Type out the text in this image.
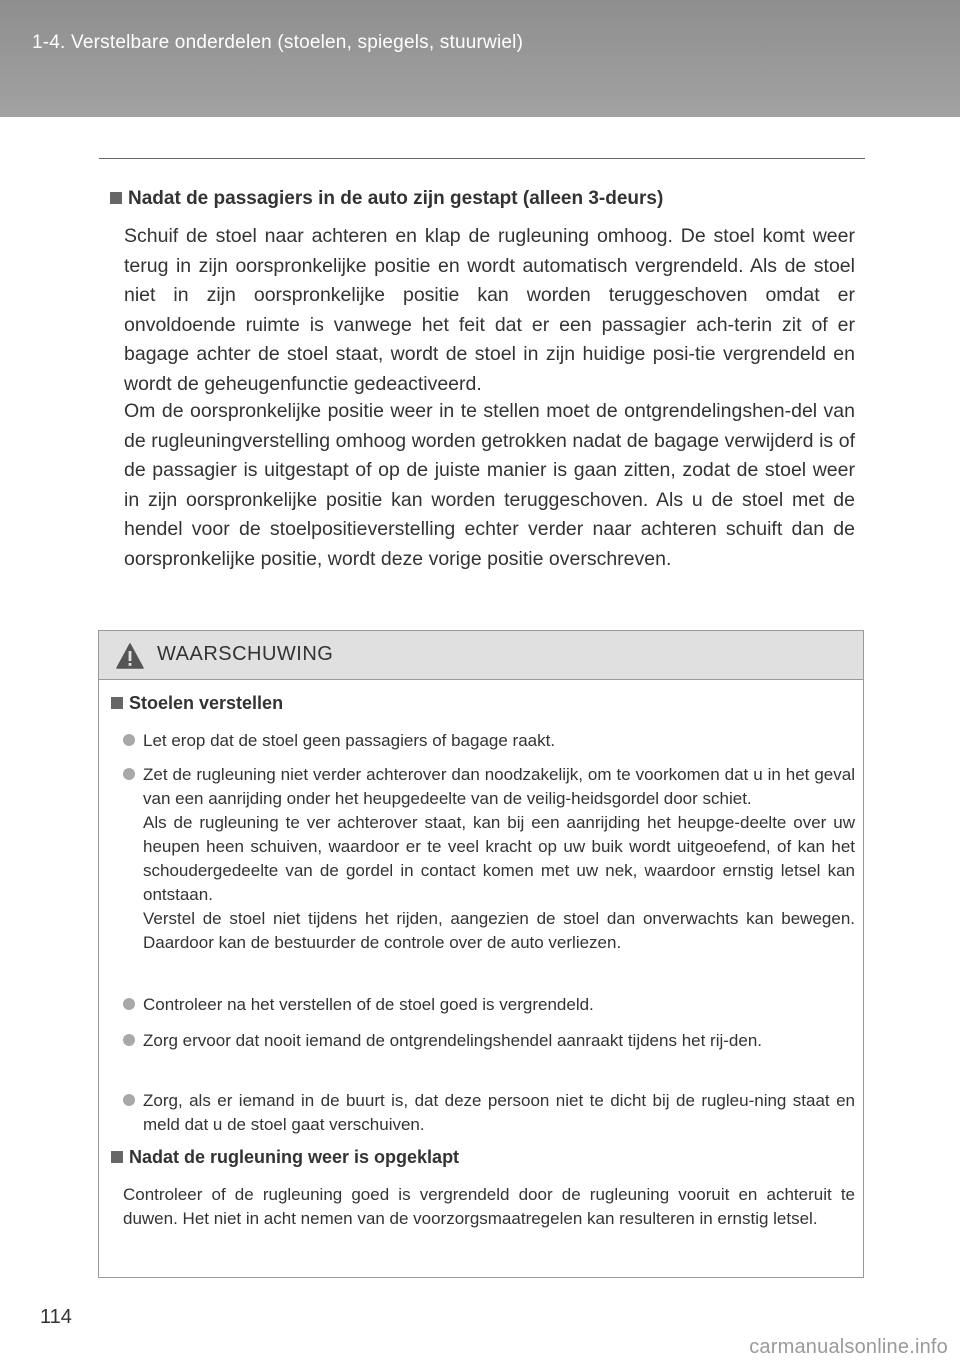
1-4. Verstelbare onderdelen (stoelen, spiegels, stuurwiel)
Nadat de passagiers in de auto zijn gestapt (alleen 3-deurs)

Schuif de stoel naar achteren en klap de rugleuning omhoog. De stoel komt weer terug in zijn oorspronkelijke positie en wordt automatisch vergrendeld. Als de stoel niet in zijn oorspronkelijke positie kan worden teruggeschoven omdat er onvoldoende ruimte is vanwege het feit dat er een passagier ach-terin zit of er bagage achter de stoel staat, wordt de stoel in zijn huidige posi-tie vergrendeld en wordt de geheugenfunctie gedeactiveerd.

Om de oorspronkelijke positie weer in te stellen moet de ontgrendelingshen-del van de rugleuningverstelling omhoog worden getrokken nadat de bagage verwijderd is of de passagier is uitgestapt of op de juiste manier is gaan zitten, zodat de stoel weer in zijn oorspronkelijke positie kan worden teruggeschoven. Als u de stoel met de hendel voor de stoelpositieverstelling echter verder naar achteren schuift dan de oorspronkelijke positie, wordt deze vorige positie overschreven.

WAARSCHUWING
Stoelen verstellen
Let erop dat de stoel geen passagiers of bagage raakt.
Zet de rugleuning niet verder achterover dan noodzakelijk, om te voorkomen dat u in het geval van een aanrijding onder het heupgedeelte van de veilig-heidsgordel door schiet.
Als de rugleuning te ver achterover staat, kan bij een aanrijding het heupge-deelte over uw heupen heen schuiven, waardoor er te veel kracht op uw buik wordt uitgeoefend, of kan het schoudergedeelte van de gordel in contact komen met uw nek, waardoor ernstig letsel kan ontstaan.
Verstel de stoel niet tijdens het rijden, aangezien de stoel dan onverwachts kan bewegen. Daardoor kan de bestuurder de controle over de auto verliezen.
Controleer na het verstellen of de stoel goed is vergrendeld.
Zorg ervoor dat nooit iemand de ontgrendelingshendel aanraakt tijdens het rij-den.
Zorg, als er iemand in de buurt is, dat deze persoon niet te dicht bij de rugleu-ning staat en meld dat u de stoel gaat verschuiven.
Nadat de rugleuning weer is opgeklapt

Controleer of de rugleuning goed is vergrendeld door de rugleuning vooruit en achteruit te duwen. Het niet in acht nemen van de voorzorgsmaatregelen kan resulteren in ernstig letsel.

114
carmanualsonline.info
